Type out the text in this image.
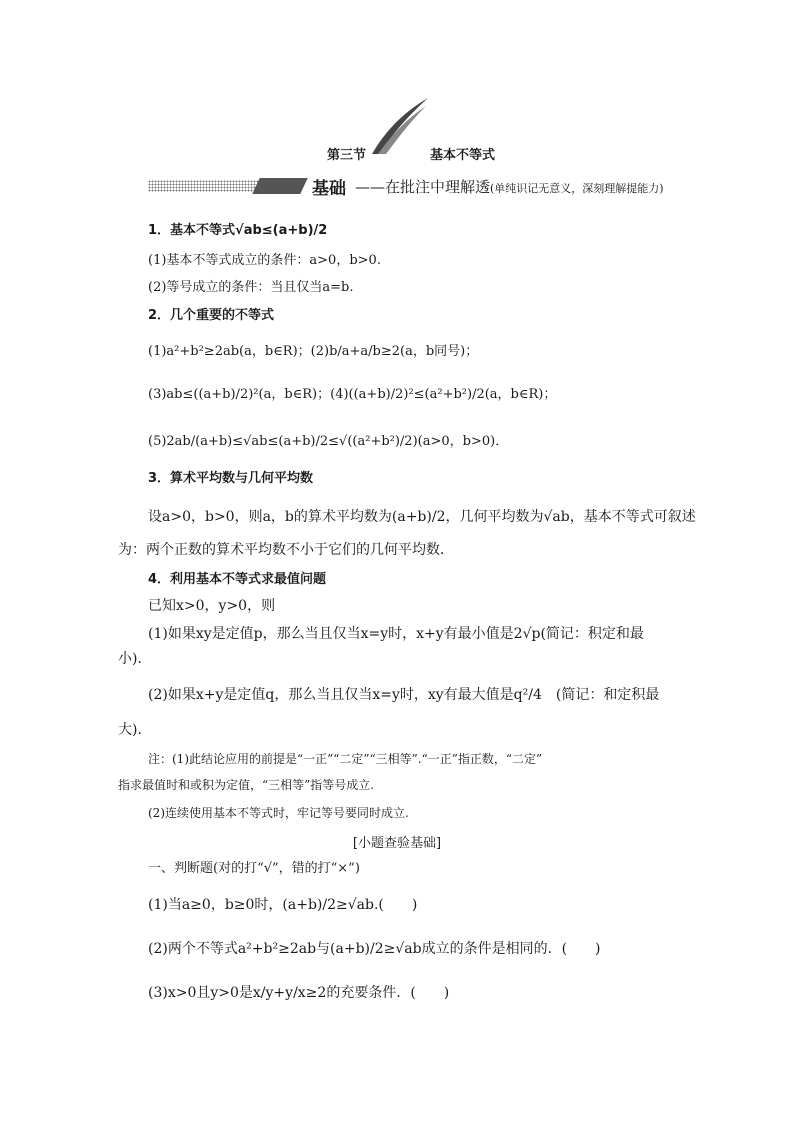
第三节	基本不等式
基础 ——在批注中理解透(单纯识记无意义，深刻理解提能力)
1．基本不等式√ab≤(a+b)/2
(1)基本不等式成立的条件：a>0，b>0.
(2)等号成立的条件：当且仅当a=b.
2．几个重要的不等式
(1)a²+b²≥2ab(a，b∈R)；(2)b/a+a/b≥2(a，b同号)；
(3)ab≤((a+b)/2)²(a，b∈R)；(4)((a+b)/2)²≤(a²+b²)/2(a，b∈R)；
(5)2ab/(a+b)≤√ab≤(a+b)/2≤√((a²+b²)/2)(a>0，b>0)．
3．算术平均数与几何平均数
设a>0，b>0，则a，b的算术平均数为(a+b)/2，几何平均数为√ab，基本不等式可叙述
为：两个正数的算术平均数不小于它们的几何平均数．
4．利用基本不等式求最值问题
已知x>0，y>0，则
(1)如果xy是定值p，那么当且仅当x=y时，x+y有最小值是2√p(简记：积定和最
小)．
(2)如果x+y是定值q，那么当且仅当x=y时，xy有最大值是q²/4　(简记：和定积最
大)．
注：(1)此结论应用的前提是“一正”“二定”“三相等”.“一正”指正数，“二定”
指求最值时和或积为定值，“三相等”指等号成立.
(2)连续使用基本不等式时，牢记等号要同时成立.
[小题查验基础]
一、判断题(对的打“√”，错的打“×”)
(1)当a≥0，b≥0时，(a+b)/2≥√ab.(　　)
(2)两个不等式a²+b²≥2ab与(a+b)/2≥√ab成立的条件是相同的．(　　)
(3)x>0且y>0是x/y+y/x≥2的充要条件．(　　)
